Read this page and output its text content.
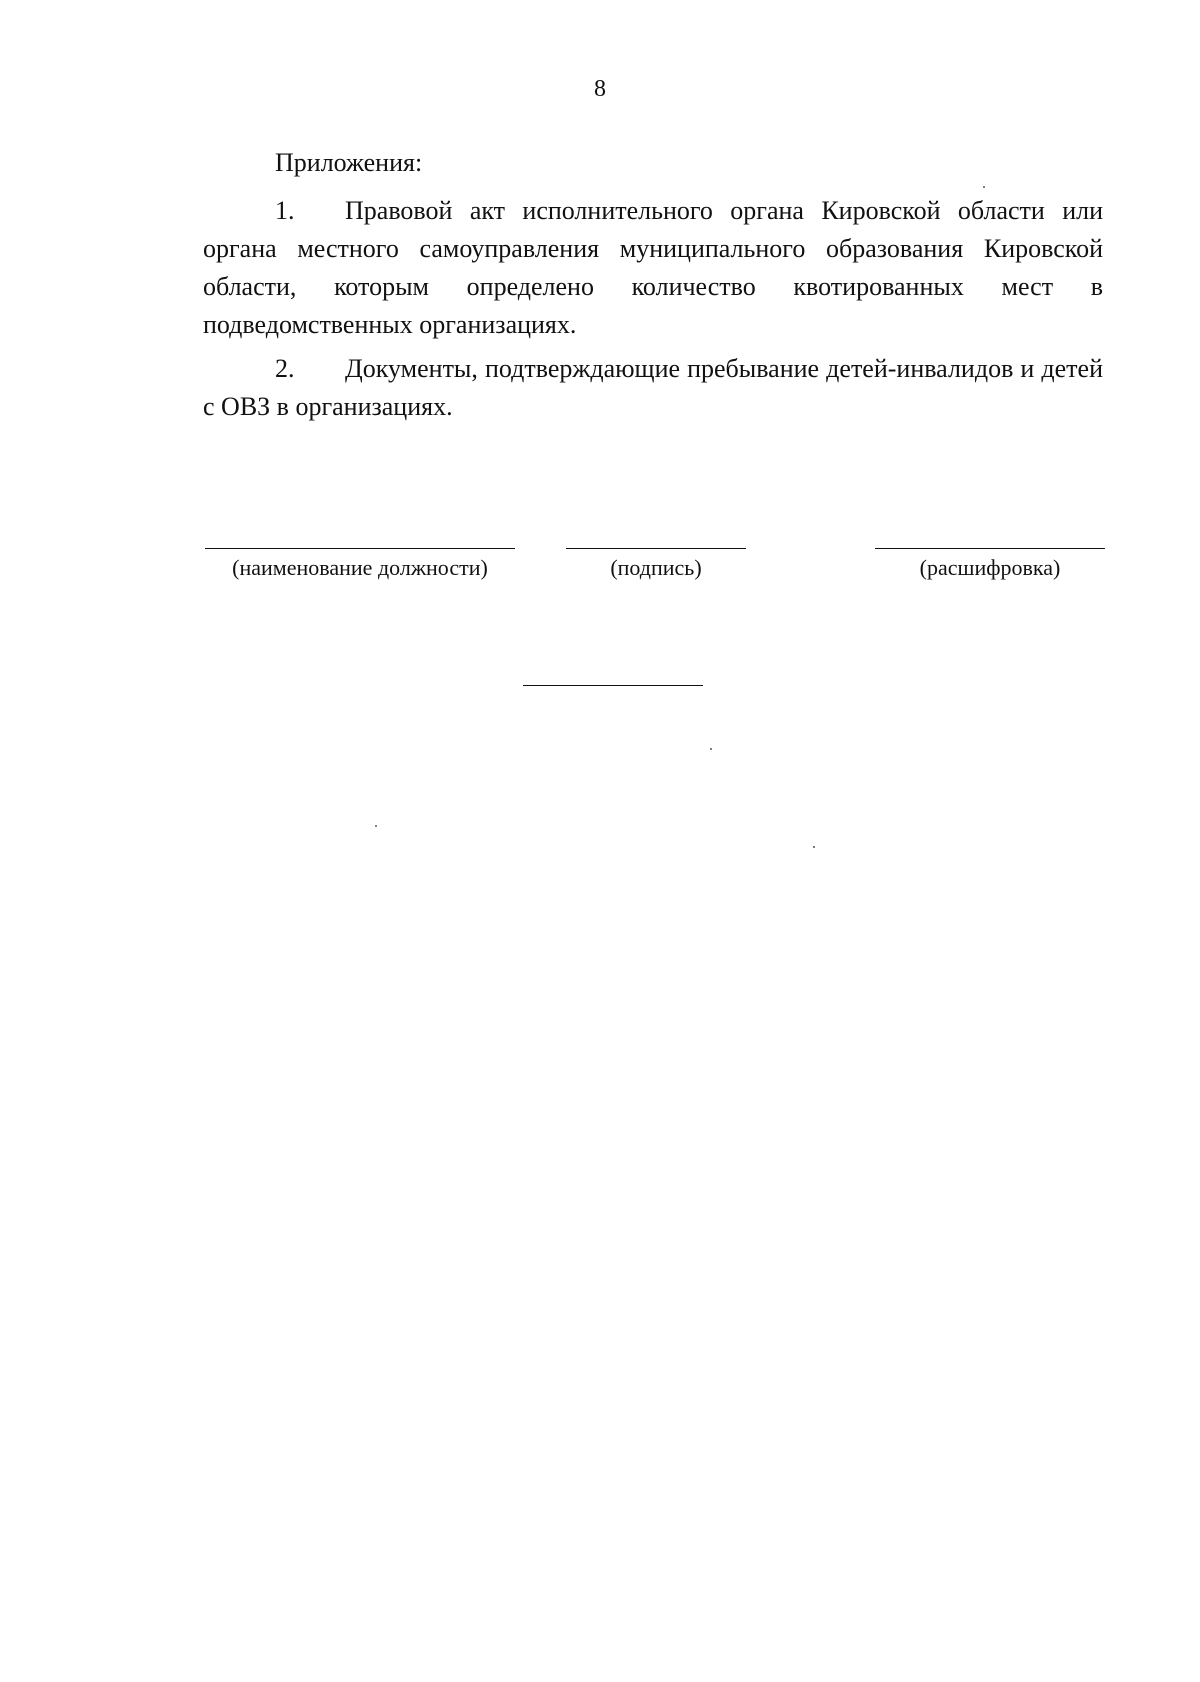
8

Приложения:

1. Правовой акт исполнительного органа Кировской области или органа местного самоуправления муниципального образования Кировской области, которым определено количество квотированных мест в подведомственных организациях.

2. Документы, подтверждающие пребывание детей-инвалидов и детей с ОВЗ в организациях.

(наименование должности)	(подпись)	(расшифровка)
